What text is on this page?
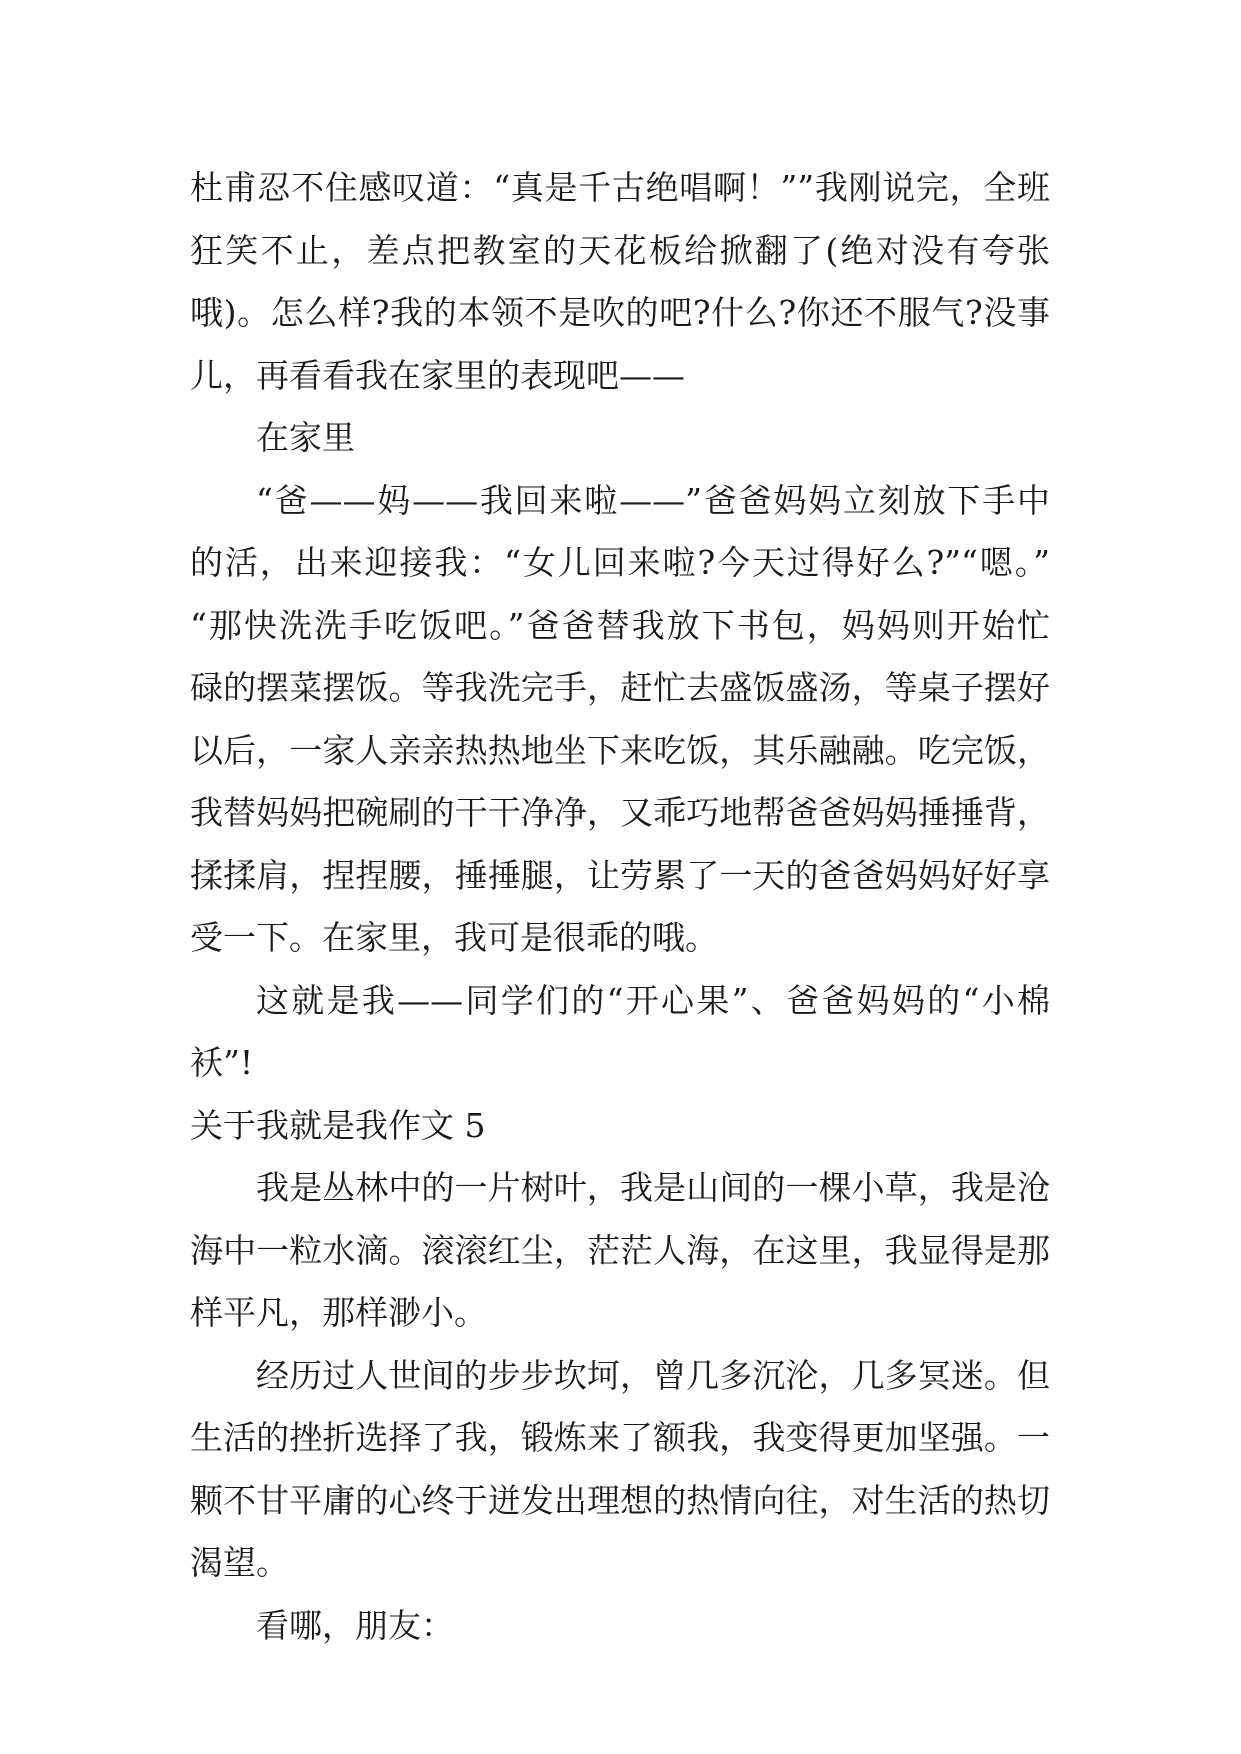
杜甫忍不住感叹道：“真是千古绝唱啊！””我刚说完，全班
狂笑不止，差点把教室的天花板给掀翻了(绝对没有夸张
哦)。怎么样?我的本领不是吹的吧?什么?你还不服气?没事
儿，再看看我在家里的表现吧——
在家里
“爸——妈——我回来啦——”爸爸妈妈立刻放下手中
的活，出来迎接我：“女儿回来啦?今天过得好么?”“嗯。”
“那快洗洗手吃饭吧。”爸爸替我放下书包，妈妈则开始忙
碌的摆菜摆饭。等我洗完手，赶忙去盛饭盛汤，等桌子摆好
以后，一家人亲亲热热地坐下来吃饭，其乐融融。吃完饭，
我替妈妈把碗刷的干干净净，又乖巧地帮爸爸妈妈捶捶背，
揉揉肩，捏捏腰，捶捶腿，让劳累了一天的爸爸妈妈好好享
受一下。在家里，我可是很乖的哦。
这就是我——同学们的“开心果”、爸爸妈妈的“小棉
袄”!
关于我就是我作文 5
我是丛林中的一片树叶，我是山间的一棵小草，我是沧
海中一粒水滴。滚滚红尘，茫茫人海，在这里，我显得是那
样平凡，那样渺小。
经历过人世间的步步坎坷，曾几多沉沦，几多冥迷。但
生活的挫折选择了我，锻炼来了额我，我变得更加坚强。一
颗不甘平庸的心终于迸发出理想的热情向往，对生活的热切
渴望。
看哪，朋友：
